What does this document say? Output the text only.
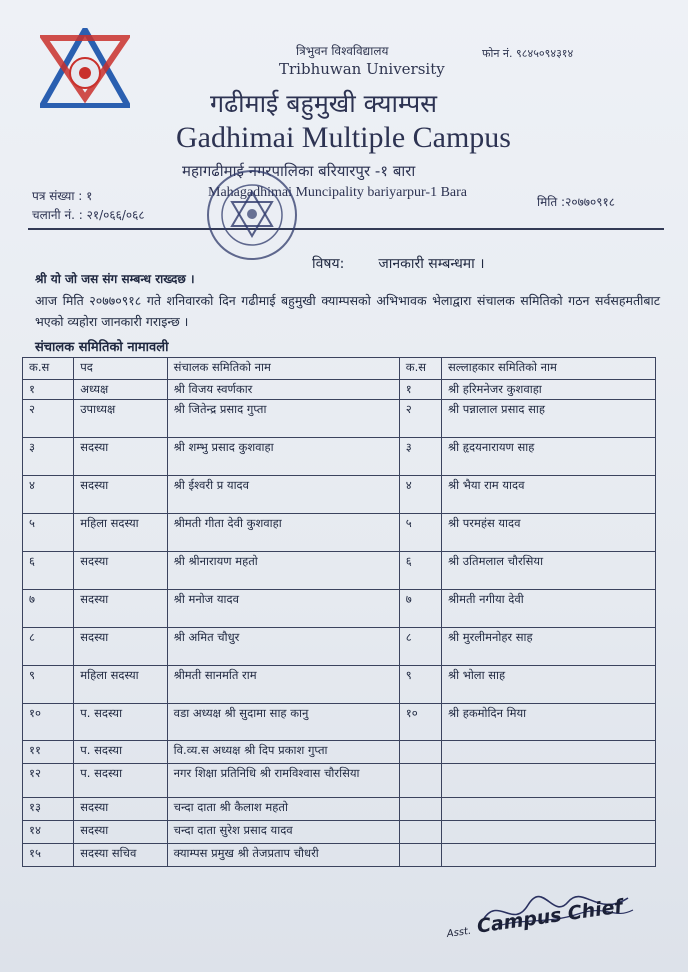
त्रिभुवन विश्वविद्यालय
Tribhuwan University
फोन नं. ९८४५०९४३१४
गढीमाई बहुमुखी क्याम्पस
Gadhimai Multiple Campus
महागढीमाई नगरपालिका बरियारपुर -१ बारा
Mahagadhimai Muncipality bariyarpur-1 Bara
पत्र संख्या : १
चलानी नं. : २१/०६६/०६८
मिति :२०७७०९१८
विषय: जानकारी सम्बन्धमा ।
श्री यो जो जस संग सम्बन्ध राख्दछ ।
आज मिति २०७७०९१८ गते शनिवारको दिन गढीमाई बहुमुखी क्याम्पसको अभिभावक भेलाद्वारा संचालक समितिको गठन सर्वसहमतीबाट भएको व्यहोरा जानकारी गराइन्छ ।
संचालक समितिको नामावली
क.स	पद	संचालक समितिको नाम	क.स	सल्लाहकार समितिको नाम
१	अध्यक्ष	श्री विजय स्वर्णकार	१	श्री हरिमनेजर कुशवाहा
२	उपाध्यक्ष	श्री जितेन्द्र प्रसाद गुप्ता	२	श्री पन्नालाल प्रसाद साह
३	सदस्या	श्री शम्भु प्रसाद कुशवाहा	३	श्री हृदयनारायण साह
४	सदस्या	श्री ईश्वरी प्र यादव	४	श्री भैया राम यादव
५	महिला सदस्या	श्रीमती गीता देवी कुशवाहा	५	श्री परमहंस यादव
६	सदस्या	श्री श्रीनारायण महतो	६	श्री उतिमलाल चौरसिया
७	सदस्या	श्री मनोज यादव	७	श्रीमती नगीया देवी
८	सदस्या	श्री अमित चौधुर	८	श्री मुरलीमनोहर साह
९	महिला सदस्या	श्रीमती सानमति राम	९	श्री भोला साह
१०	प. सदस्या	वडा अध्यक्ष श्री सुदामा साह कानु	१०	श्री हकमोदिन मिया
११	प. सदस्या	वि.व्य.स अध्यक्ष श्री दिप प्रकाश गुप्ता		
१२	प. सदस्या	नगर शिक्षा प्रतिनिधि श्री रामविश्वास चौरसिया		
१३	सदस्या	चन्दा दाता श्री कैलाश महतो		
१४	सदस्या	चन्दा दाता सुरेश प्रसाद यादव		
१५	सदस्या सचिव	क्याम्पस प्रमुख श्री तेजप्रताप चौधरी		
Asst. Campus Chief
